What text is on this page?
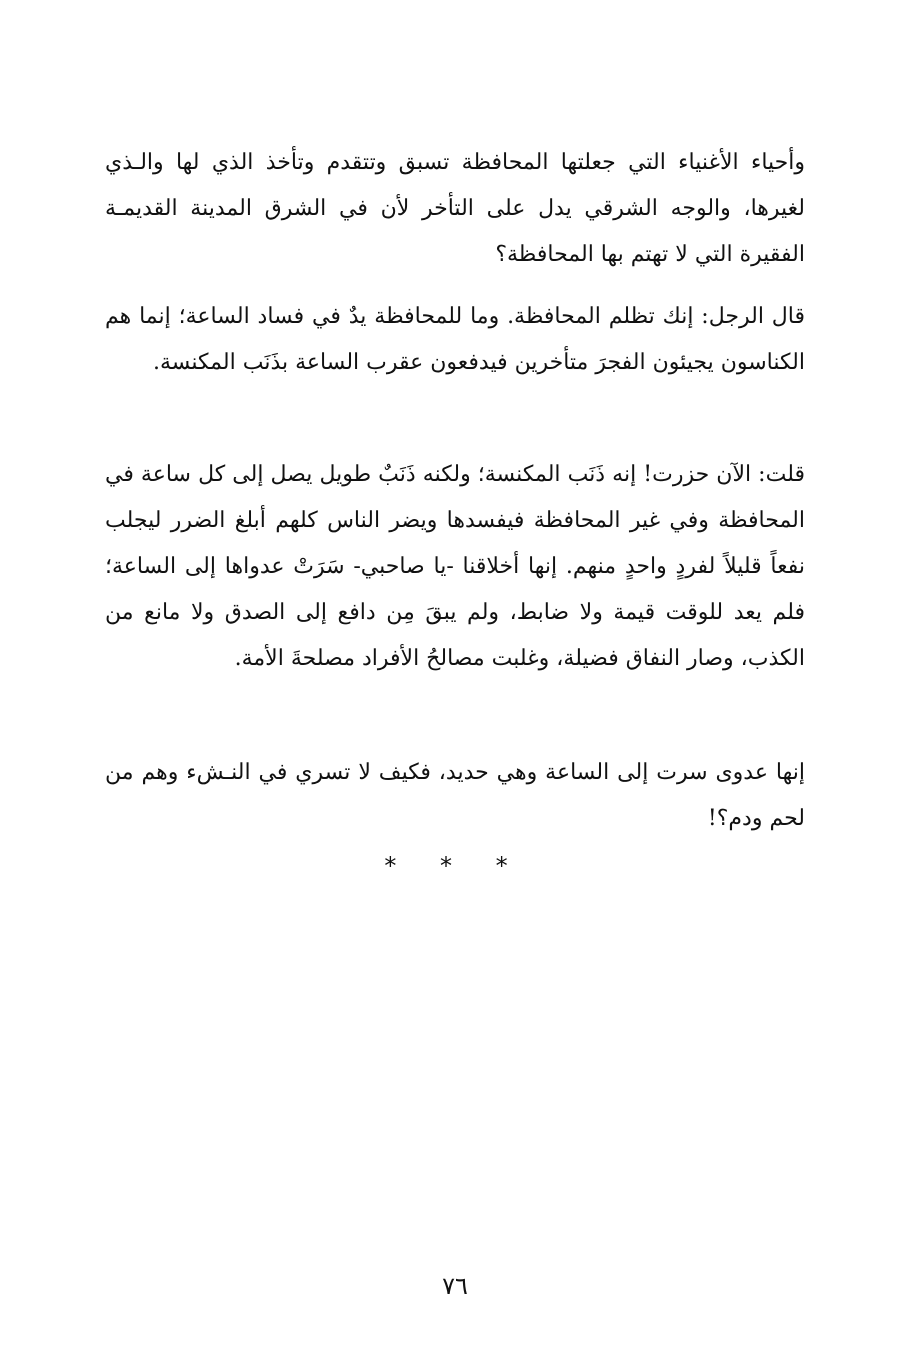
وأحياء الأغنياء التي جعلتها المحافظة تسبق وتتقدم وتأخذ الذي لها والـذي لغيرها، والوجه الشرقي يدل على التأخر لأن في الشرق المدينة القديمـة الفقيرة التي لا تهتم بها المحافظة؟

قال الرجل: إنك تظلم المحافظة. وما للمحافظة يدٌ في فساد الساعة؛ إنما هم الكناسون يجيئون الفجرَ متأخرين فيدفعون عقرب الساعة بذَنَب المكنسة.

قلت: الآن حزرت! إنه ذَنَب المكنسة؛ ولكنه ذَنَبٌ طويل يصل إلى كل ساعة في المحافظة وفي غير المحافظة فيفسدها ويضر الناس كلهم أبلغ الضرر ليجلب نفعاً قليلاً لفردٍ واحدٍ منهم. إنها أخلاقنا -يا صاحبي- سَرَتْ عدواها إلى الساعة؛ فلم يعد للوقت قيمة ولا ضابط، ولم يبقَ مِن دافع إلى الصدق ولا مانع من الكذب، وصار النفاق فضيلة، وغلبت مصالحُ الأفراد مصلحةَ الأمة.

إنها عدوى سرت إلى الساعة وهي حديد، فكيف لا تسري في النـشء وهم من لحم ودم؟!

* * *
٧٦
